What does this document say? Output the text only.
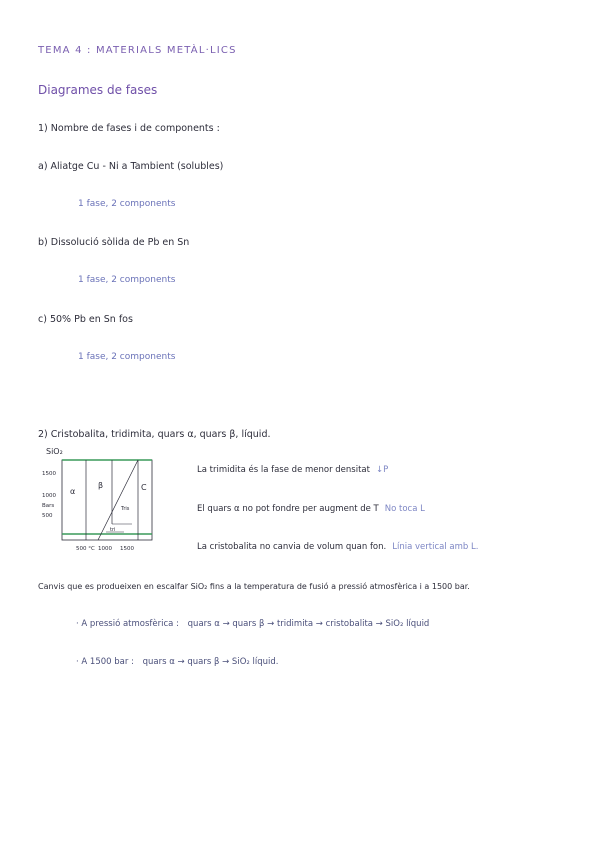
TEMA 4 : MATERIALS METÀL·LICS
Diagrames de fases
1) Nombre de fases i de components :
a) Aliatge Cu - Ni a Tambient (solubles)
1 fase, 2 components
b) Dissolució sòlida de Pb en Sn
1 fase, 2 components
c) 50% Pb en Sn fos
1 fase, 2 components
2) Cristobalita, tridimita, quars α, quars β, líquid.
SiO₂
1500
1000
Bars
500
α
β	C
Tris
tri
500 °C 1000 1500
La trimidita és la fase de menor densitat ↓P
El quars α no pot fondre per augment de T No toca L
La cristobalita no canvia de volum quan fon. Línia vertical amb L.
Canvis que es produeixen en escalfar SiO₂ fins a la temperatura de fusió a pressió atmosfèrica i a 1500 bar.
· A pressió atmosfèrica : quars α → quars β → tridimita → cristobalita → SiO₂ líquid
· A 1500 bar : quars α → quars β → SiO₂ líquid.
